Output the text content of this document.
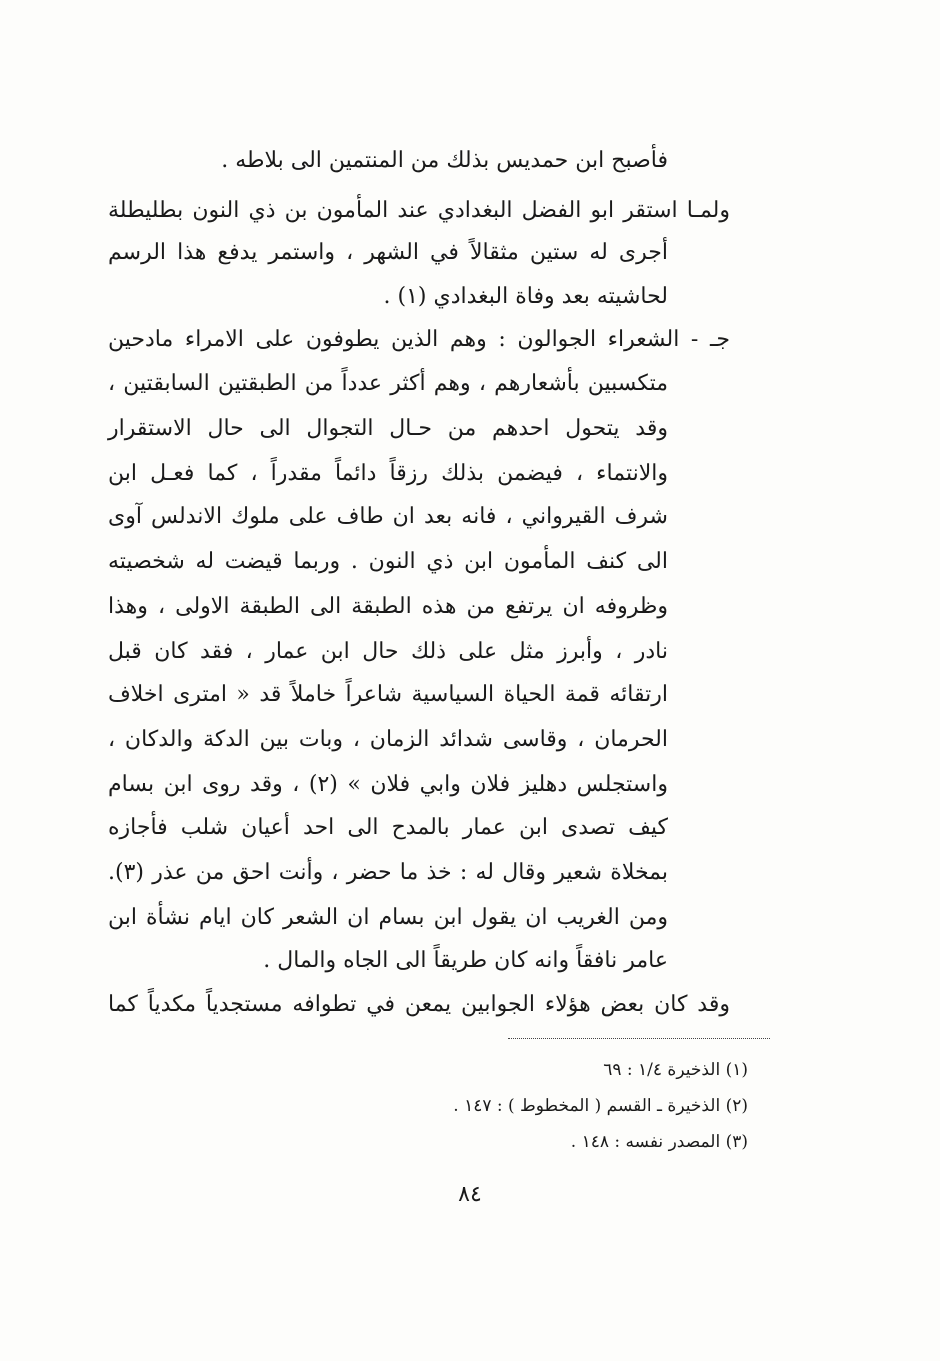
فأصبح ابن حمديس بذلك من المنتمين الى بلاطه .
ولمـا استقر ابو الفضل البغدادي عند المأمون بن ذي النون بطليطلة
أجرى له ستين مثقالاً في الشهر ، واستمر يدفع هذا الرسم
لحاشيته بعد وفاة البغدادي (١) .
جـ - الشعراء الجوالون : وهم الذين يطوفون على الامراء مادحين
متكسبين بأشعارهم ، وهم أكثر عدداً من الطبقتين السابقتين ،
وقد يتحول احدهم من حـال التجوال الى حال الاستقرار
والانتماء ، فيضمن بذلك رزقاً دائماً مقدراً ، كما فعـل ابن
شرف القيرواني ، فانه بعد ان طاف على ملوك الاندلس آوى
الى كنف المأمون ابن ذي النون . وربما قيضت له شخصيته
وظروفه ان يرتفع من هذه الطبقة الى الطبقة الاولى ، وهذا
نادر ، وأبرز مثل على ذلك حال ابن عمار ، فقد كان قبل
ارتقائه قمة الحياة السياسية شاعراً خاملاً قد « امترى اخلاف
الحرمان ، وقاسى شدائد الزمان ، وبات بين الدكة والدكان ،
واستجلس دهليز فلان وابي فلان » (٢) ، وقد روى ابن بسام
كيف تصدى ابن عمار بالمدح الى احد أعيان شلب فأجازه
بمخلاة شعير وقال له : خذ ما حضر ، وأنت احق من عذر (٣).
ومن الغريب ان يقول ابن بسام ان الشعر كان ايام نشأة ابن
عامر نافقاً وانه كان طريقاً الى الجاه والمال .
وقد كان بعض هؤلاء الجوابين يمعن في تطوافه مستجدياً مكدياً كما
(١) الذخيرة ١/٤ : ٦٩
(٢) الذخيرة ـ القسم ( المخطوط ) : ١٤٧ .
(٣) المصدر نفسه : ١٤٨ .
٨٤
